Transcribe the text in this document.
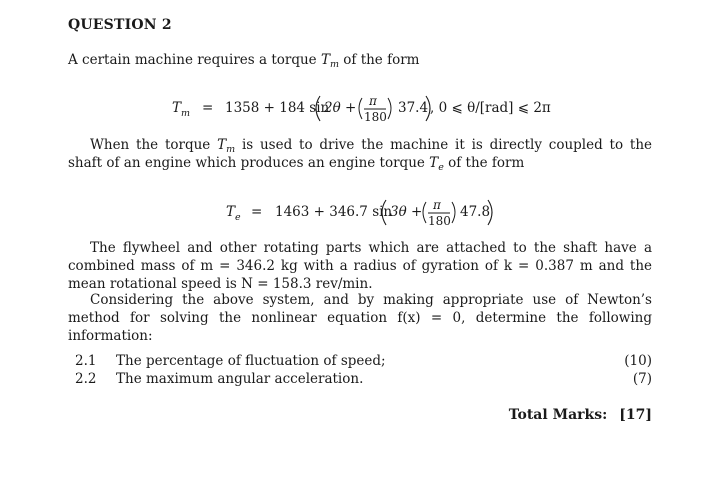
QUESTION 2
A certain machine requires a torque $T_m$ of the form
T m = 1358 + 184 sin
2θ + π
180
37.4 , 0 ⩽ θ/[rad] ⩽ 2π
When the torque $T_m$ is used to drive the machine it is directly coupled to the shaft of an engine which produces an engine torque $T_e$ of the form
T e = 1463 + 346.7 sin
3θ + π
180
47.8
The flywheel and other rotating parts which are attached to the shaft have a combined mass of m = 346.2 kg with a radius of gyration of k = 0.387 m and the mean rotational speed is N = 158.3 rev/min.
Considering the above system, and by making appropriate use of Newton’s method for solving the nonlinear equation f(x) = 0, determine the following information:
2.1 The percentage of fluctuation of speed;	(10)
2.2 The maximum angular acceleration.	(7)
Total Marks: [17]
